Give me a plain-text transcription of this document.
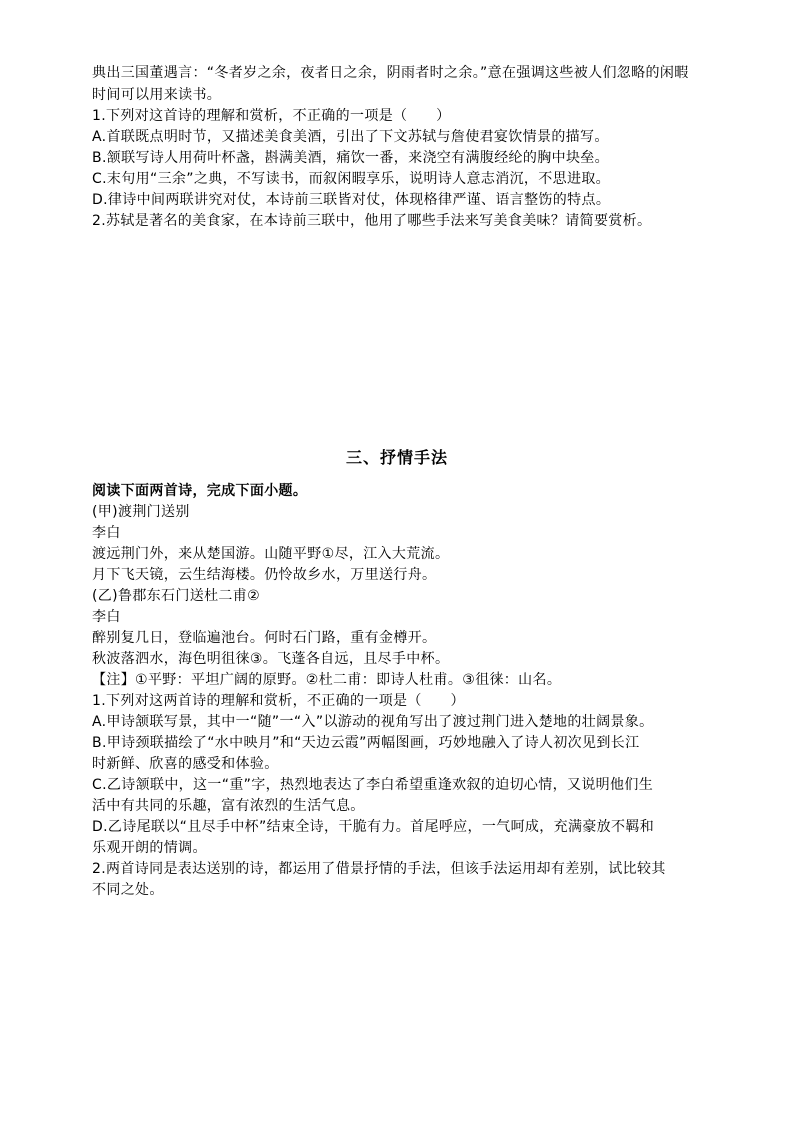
典出三国董遇言：“冬者岁之余，夜者日之余，阴雨者时之余。”意在强调这些被人们忽略的闲暇
时间可以用来读书。
1.下列对这首诗的理解和赏析，不正确的一项是（　　）
A.首联既点明时节，又描述美食美酒，引出了下文苏轼与詹使君宴饮情景的描写。
B.颔联写诗人用荷叶杯盏，斟满美酒，痛饮一番，来浇空有满腹经纶的胸中块垒。
C.末句用“三余”之典，不写读书，而叙闲暇享乐，说明诗人意志消沉，不思进取。
D.律诗中间两联讲究对仗，本诗前三联皆对仗，体现格律严谨、语言整饬的特点。
2.苏轼是著名的美食家，在本诗前三联中，他用了哪些手法来写美食美味？请简要赏析。
三、抒情手法
阅读下面两首诗，完成下面小题。
(甲)渡荆门送别
李白
渡远荆门外，来从楚国游。山随平野①尽，江入大荒流。
月下飞天镜，云生结海楼。仍怜故乡水，万里送行舟。
(乙)鲁郡东石门送杜二甫②
李白
醉别复几日，登临遍池台。何时石门路，重有金樽开。
秋波落泗水，海色明徂徕③。飞蓬各自远，且尽手中杯。
【注】①平野：平坦广阔的原野。②杜二甫：即诗人杜甫。③徂徕：山名。
1.下列对这两首诗的理解和赏析，不正确的一项是（　　）
A.甲诗颔联写景，其中一“随”一“入”以游动的视角写出了渡过荆门进入楚地的壮阔景象。
B.甲诗颈联描绘了“水中映月”和“天边云霞”两幅图画，巧妙地融入了诗人初次见到长江
时新鲜、欣喜的感受和体验。
C.乙诗颔联中，这一“重”字，热烈地表达了李白希望重逢欢叙的迫切心情，又说明他们生
活中有共同的乐趣，富有浓烈的生活气息。
D.乙诗尾联以“且尽手中杯”结束全诗，干脆有力。首尾呼应，一气呵成，充满豪放不羁和
乐观开朗的情调。
2.两首诗同是表达送别的诗，都运用了借景抒情的手法，但该手法运用却有差别，试比较其
不同之处。
